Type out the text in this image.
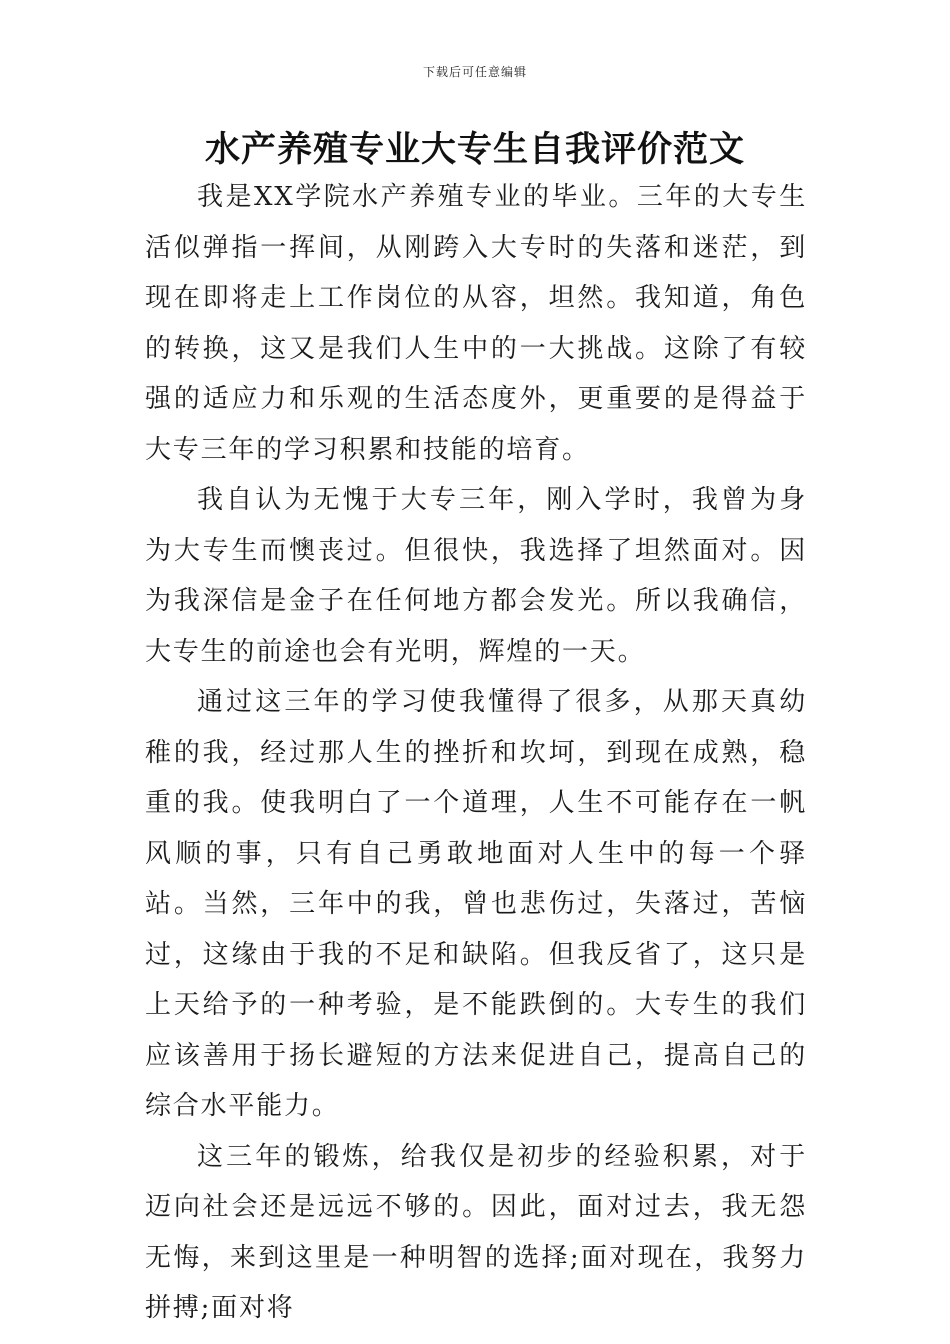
下载后可任意编辑
水产养殖专业大专生自我评价范文

我是XX学院水产养殖专业的毕业。三年的大专生活似弹指一挥间，从刚跨入大专时的失落和迷茫，到现在即将走上工作岗位的从容，坦然。我知道，角色的转换，这又是我们人生中的一大挑战。这除了有较强的适应力和乐观的生活态度外，更重要的是得益于大专三年的学习积累和技能的培育。

我自认为无愧于大专三年，刚入学时，我曾为身为大专生而懊丧过。但很快，我选择了坦然面对。因为我深信是金子在任何地方都会发光。所以我确信，大专生的前途也会有光明，辉煌的一天。

通过这三年的学习使我懂得了很多，从那天真幼稚的我，经过那人生的挫折和坎坷，到现在成熟，稳重的我。使我明白了一个道理，人生不可能存在一帆风顺的事，只有自己勇敢地面对人生中的每一个驿站。当然，三年中的我，曾也悲伤过，失落过，苦恼过，这缘由于我的不足和缺陷。但我反省了，这只是上天给予的一种考验，是不能跌倒的。大专生的我们应该善用于扬长避短的方法来促进自己，提高自己的综合水平能力。

这三年的锻炼，给我仅是初步的经验积累，对于迈向社会还是远远不够的。因此，面对过去，我无怨无悔，来到这里是一种明智的选择;面对现在，我努力拼搏;面对将
